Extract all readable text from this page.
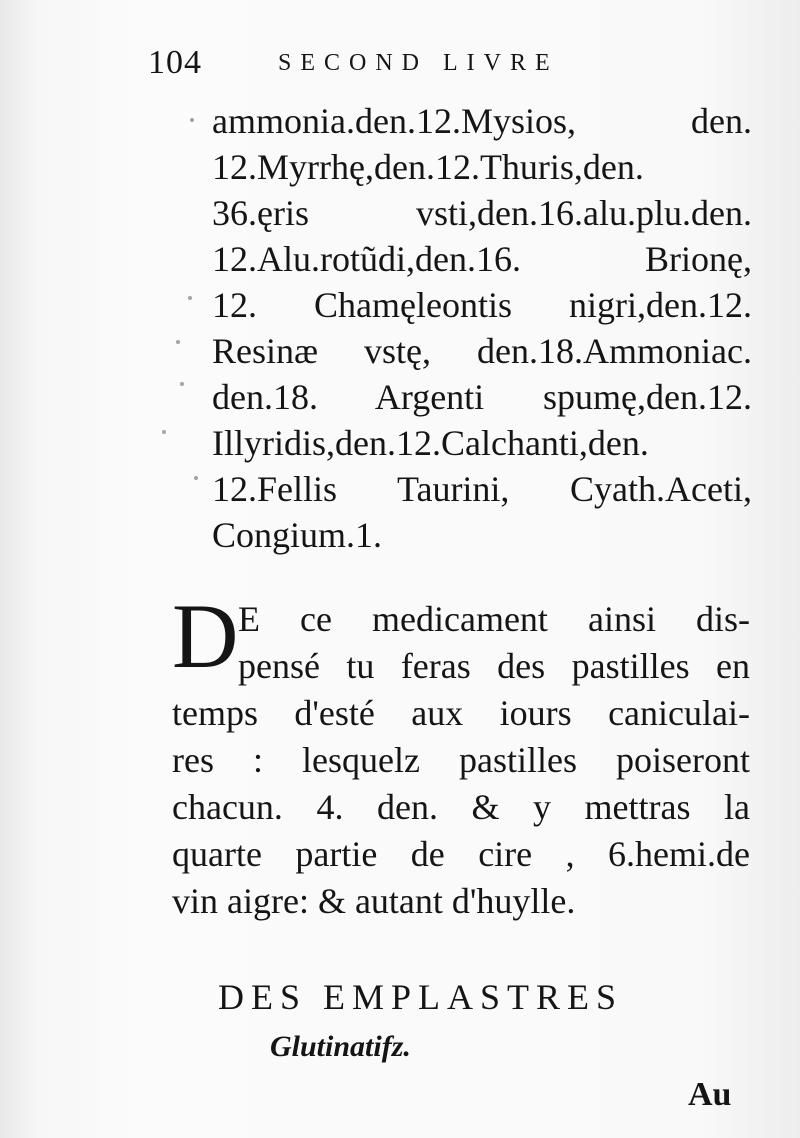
104	SECOND LIVRE
ammonia.den.12.Mysios, den.
12.Myrrhę,den.12.Thuris,den.
36.ęris vsti,den.16.alu.plu.den.
12.Alu.rotũdi,den.16. Brionę,
12. Chamęleontis nigri,den.12.
Resinæ vstę, den.18.Ammoniac.
den.18. Argenti spumę,den.12.
Illyridis,den.12.Calchanti,den.
12.Fellis Taurini, Cyath.Aceti,
Congium.1.
D E ce medicament ainsi dis-
pensé tu feras des pastilles en
temps d'esté aux iours caniculai-
res : lesquelz pastilles poiseront
chacun. 4. den. & y mettras la
quarte partie de cire , 6.hemi.de
vin aigre: & autant d'huylle.
DES EMPLASTRES
Glutinatifz.
Au
